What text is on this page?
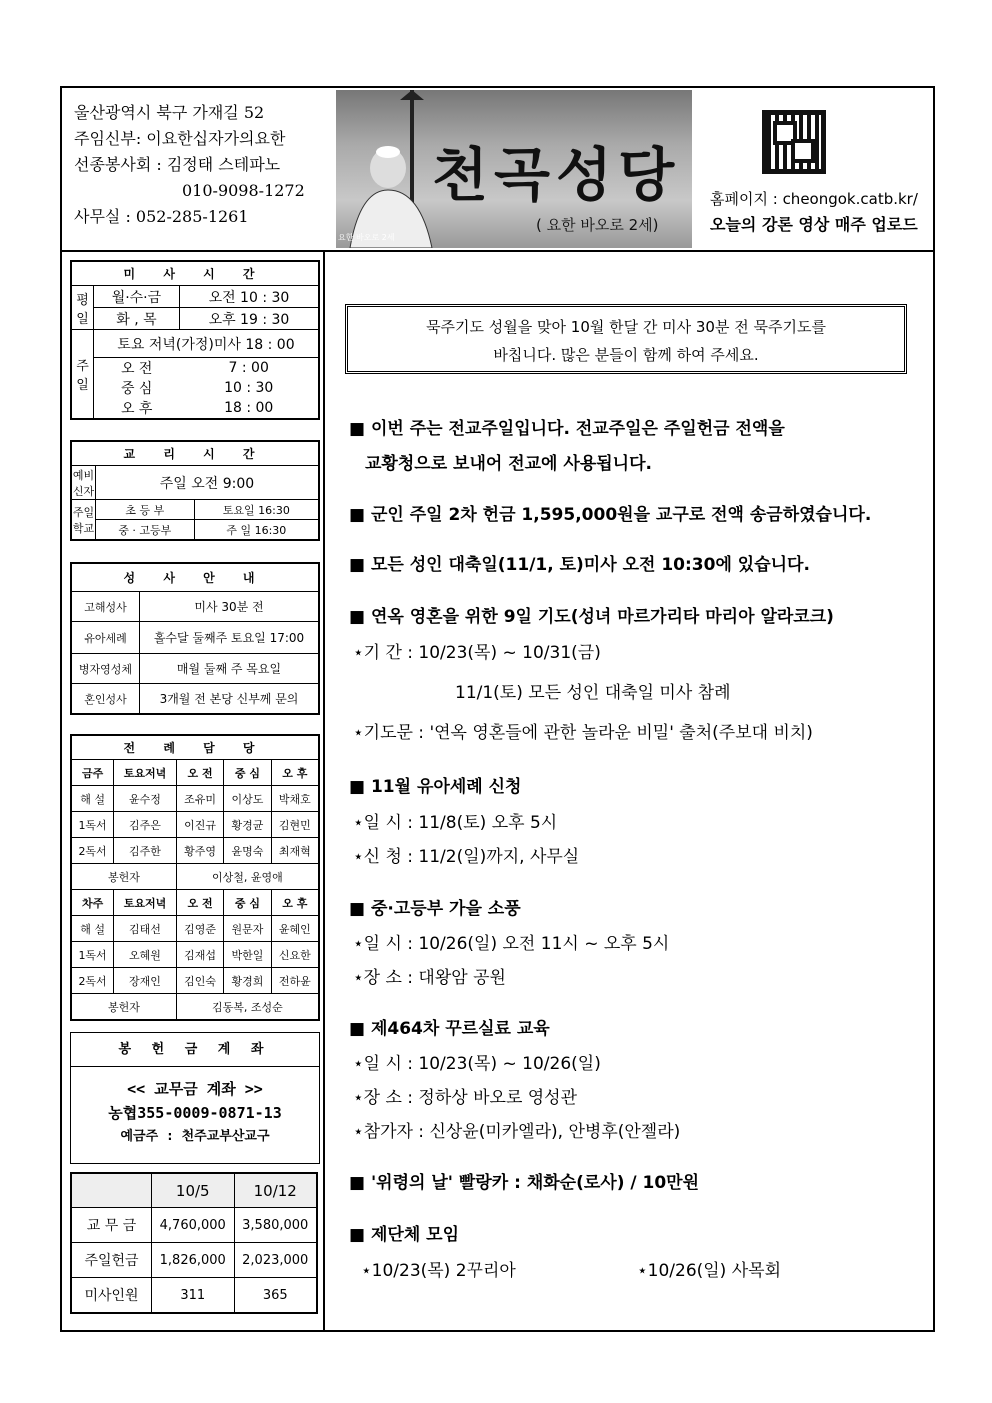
울산광역시 북구 가재길 52
주임신부: 이요한십자가의요한
선종봉사회 : 김정태 스테파노
010-9098-1272
사무실 : 052-285-1261
천곡성당
( 요한 바오로 2세)
요한 바오로 2세
홈페이지 : cheongok.catb.kr/
오늘의 강론 영상 매주 업로드
미 사 시 간		
평일	월·수·금	오전 10 : 30
	화 , 목	오후 19 : 30
주일	토요 저녁(가정)미사 18 : 00	
	오 전	7 : 00
	중 심	10 : 30
	오 후	18 : 00
교 리 시 간		
예비신자	주일 오전 9:00	
주일학교	초 등 부	토요일 16:30
	중 · 고등부	주 일 16:30
성 사 안 내	
고해성사	미사 30분 전
유아세례	홀수달 둘째주 토요일 17:00
병자영성체	매월 둘째 주 목요일
혼인성사	3개월 전 본당 신부께 문의
전 례 담 당				
금주	토요저녁	오 전	중 심	오 후
해 설	윤수정	조유미	이상도	박채호
1독서	김주은	이진규	황경균	김현민
2독서	김주한	황주영	윤명숙	최재혁
봉헌자		이상철, 윤영애		
차주	토요저녁	오 전	중 심	오 후
해 설	김태선	김영준	원문자	윤혜인
1독서	오혜원	김재섭	박한일	신요한
2독서	장재인	김인숙	황경희	전하윤
봉헌자		김동복, 조성순		
봉 헌 금 계 좌
<< 교무금 계좌 >>
농협355-0009-0871-13
예금주 : 천주교부산교구
	10/5	10/12
교 무 금	4,760,000	3,580,000
주일헌금	1,826,000	2,023,000
미사인원	311	365
묵주기도 성월을 맞아 10월 한달 간 미사 30분 전 묵주기도를
바칩니다. 많은 분들이 함께 하여 주세요.
■ 이번 주는 전교주일입니다. 전교주일은 주일헌금 전액을
교황청으로 보내어 전교에 사용됩니다.
■ 군인 주일 2차 헌금 1,595,000원을 교구로 전액 송금하였습니다.
■ 모든 성인 대축일(11/1, 토)미사 오전 10:30에 있습니다.
■ 연옥 영혼을 위한 9일 기도(성녀 마르가리타 마리아 알라코크)
⋆기 간 : 10/23(목) ~ 10/31(금)
11/1(토) 모든 성인 대축일 미사 참례
⋆기도문 : '연옥 영혼들에 관한 놀라운 비밀' 출처(주보대 비치)
■ 11월 유아세례 신청
⋆일 시 : 11/8(토) 오후 5시
⋆신 청 : 11/2(일)까지, 사무실
■ 중·고등부 가을 소풍
⋆일 시 : 10/26(일) 오전 11시 ~ 오후 5시
⋆장 소 : 대왕암 공원
■ 제464차 꾸르실료 교육
⋆일 시 : 10/23(목) ~ 10/26(일)
⋆장 소 : 정하상 바오로 영성관
⋆참가자 : 신상윤(미카엘라), 안병후(안젤라)
■ '위령의 날' 빨랑카 : 채화순(로사) / 10만원
■ 제단체 모임
⋆10/23(목) 2꾸리아	⋆10/26(일) 사목회
